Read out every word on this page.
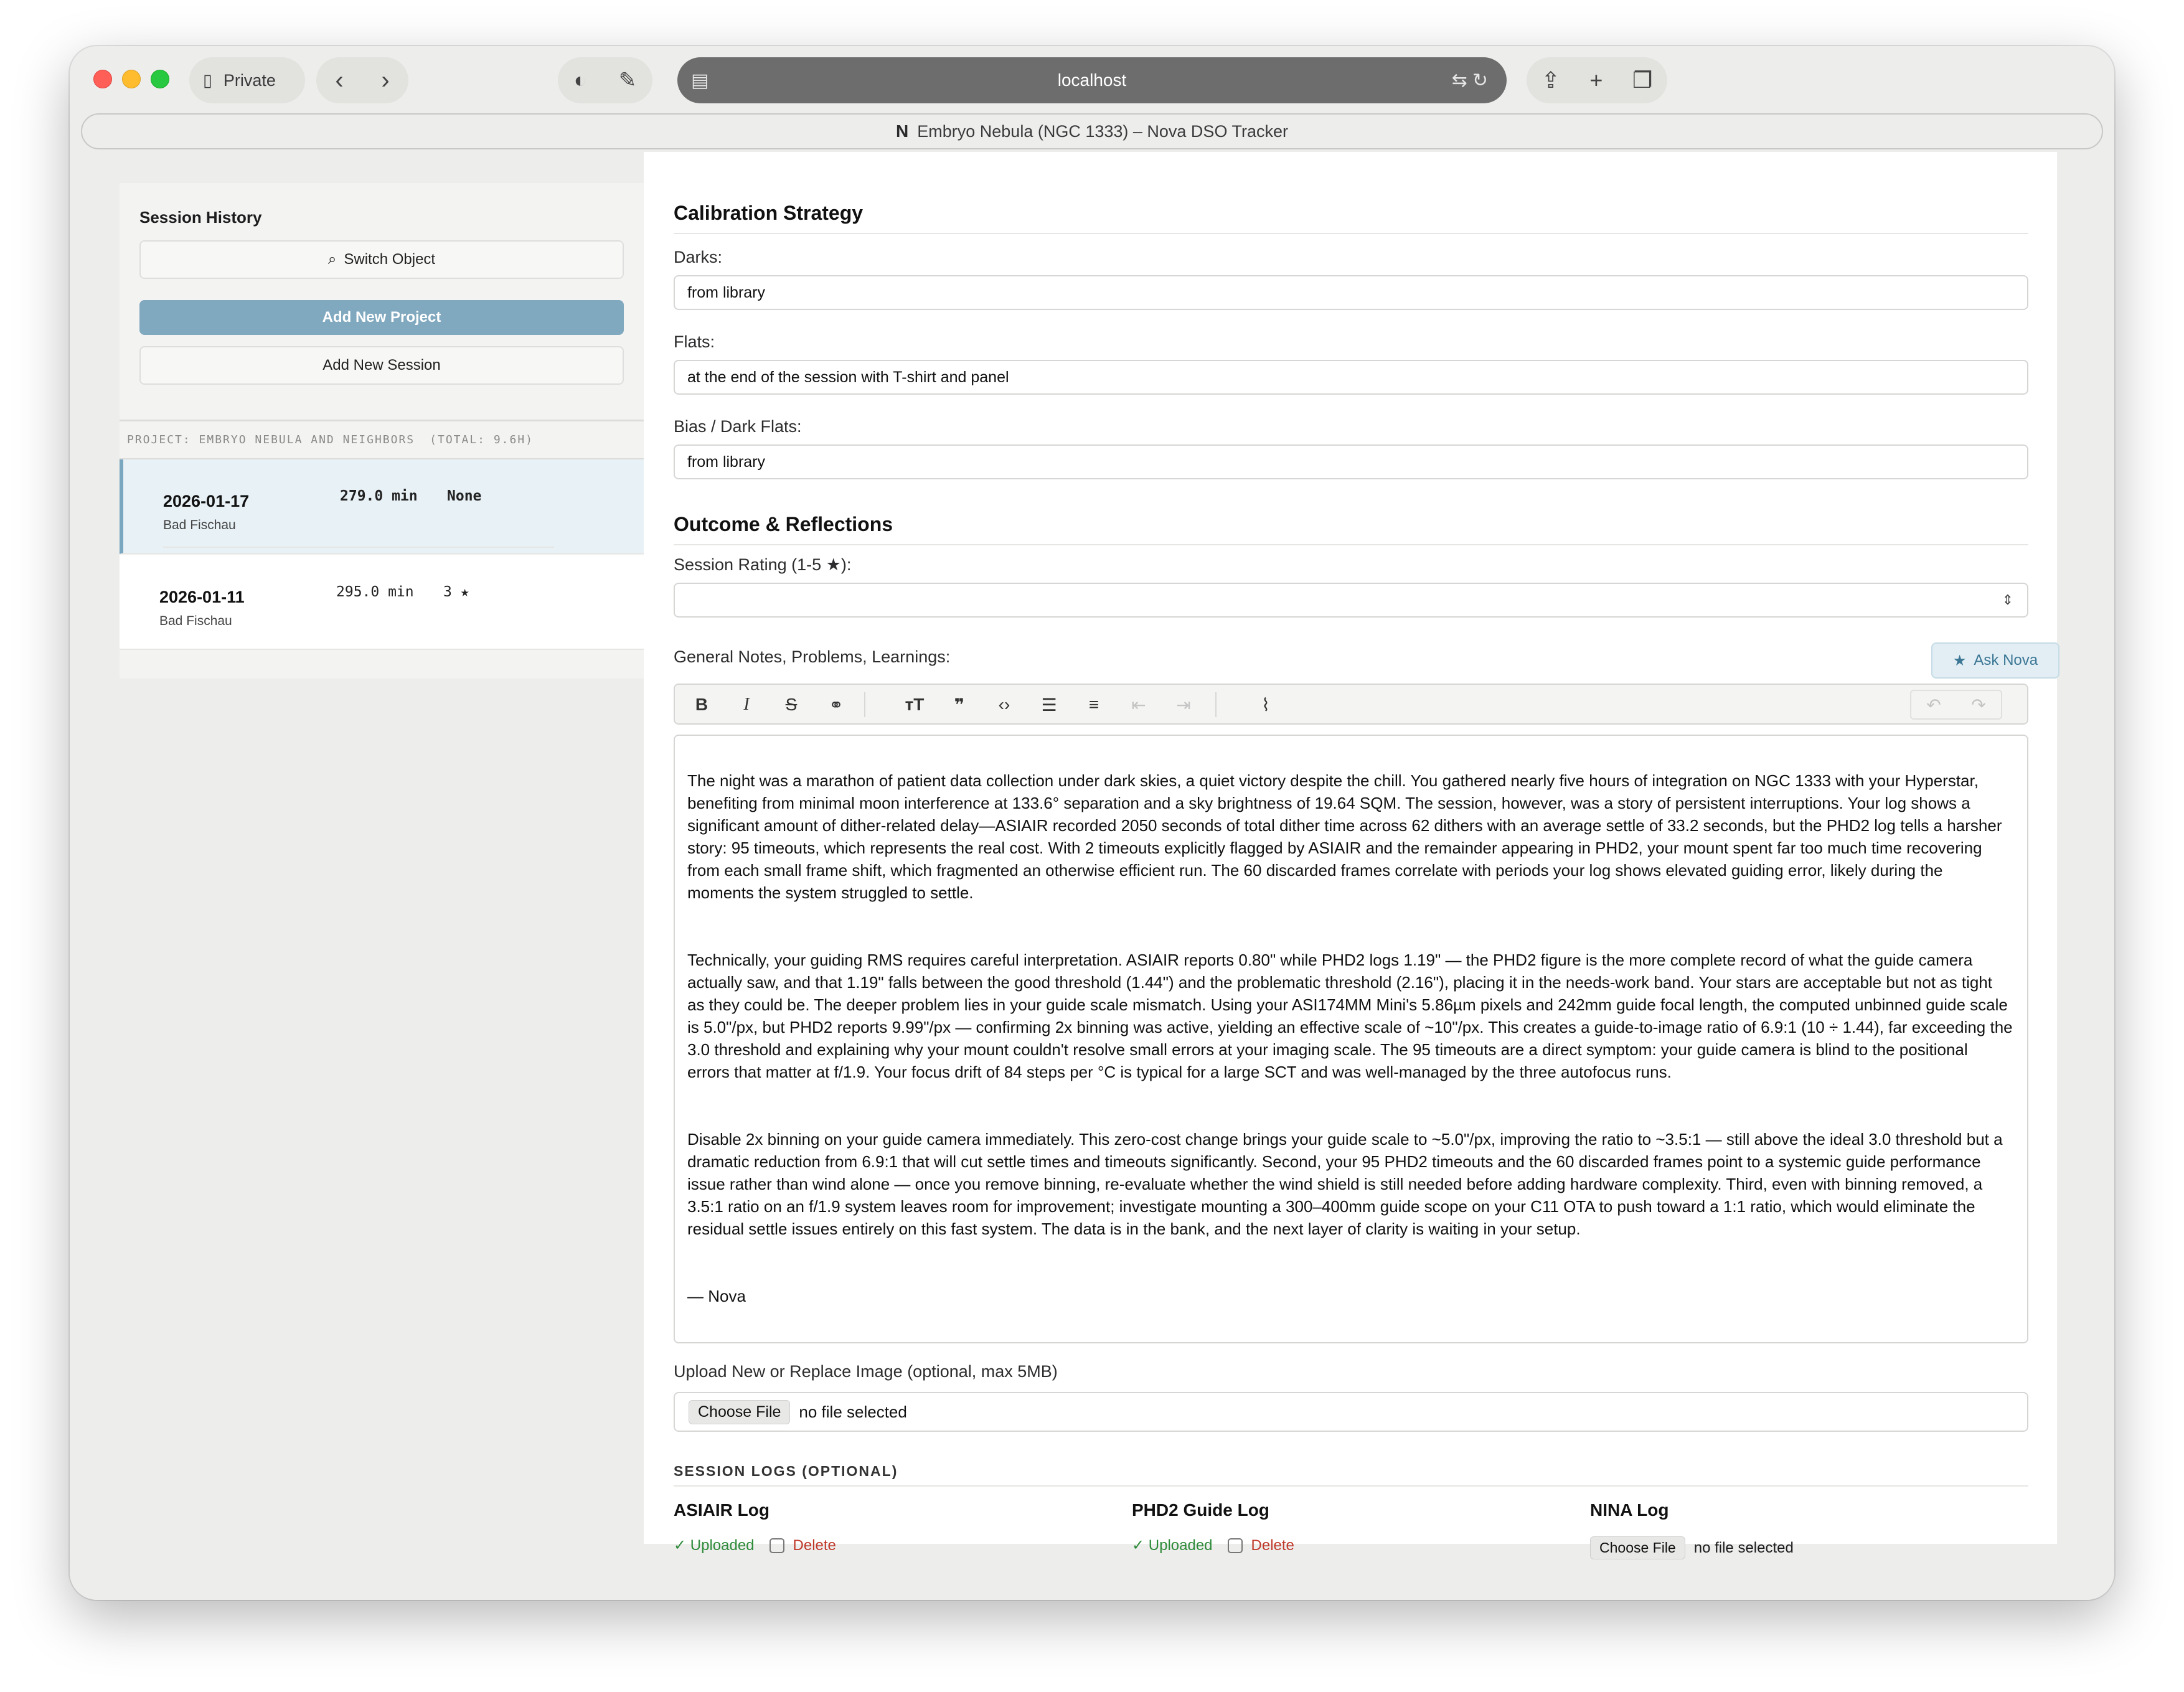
▯ Private ‹ ›	◐ ✎	▤	localhost	⇆↻ ⇪ + ❐
N Embryo Nebula (NGC 1333) – Nova DSO Tracker
Session History
⌕ Switch Object
Add New Project
Add New Session
PROJECT: EMBRYO NEBULA AND NEIGHBORS (TOTAL: 9.6H)
2026-01-17
Bad Fischau
279.0 min None
2026-01-11
Bad Fischau
295.0 min 3 ★
Calibration Strategy
Darks:
from library
Flats:
at the end of the session with T-shirt and panel
Bias / Dark Flats:
from library
Outcome & Reflections
Session Rating (1-5 ★):
⇕
General Notes, Problems, Learnings:	★ Ask Nova
B	I	S	⚭	тT	❞	‹›	☰	≡	⇤	⇥	⌇	↶	↷

The night was a marathon of patient data collection under dark skies, a quiet victory despite the chill. You gathered nearly five hours of integration on NGC 1333 with your Hyperstar, benefiting from minimal moon interference at 133.6° separation and a sky brightness of 19.64 SQM. The session, however, was a story of persistent interruptions. Your log shows a significant amount of dither-related delay—ASIAIR recorded 2050 seconds of total dither time across 62 dithers with an average settle of 33.2 seconds, but the PHD2 log tells a harsher story: 95 timeouts, which represents the real cost. With 2 timeouts explicitly flagged by ASIAIR and the remainder appearing in PHD2, your mount spent far too much time recovering from each small frame shift, which fragmented an otherwise efficient run. The 60 discarded frames correlate with periods your log shows elevated guiding error, likely during the moments the system struggled to settle.

Technically, your guiding RMS requires careful interpretation. ASIAIR reports 0.80" while PHD2 logs 1.19" — the PHD2 figure is the more complete record of what the guide camera actually saw, and that 1.19" falls between the good threshold (1.44") and the problematic threshold (2.16"), placing it in the needs-work band. Your stars are acceptable but not as tight as they could be. The deeper problem lies in your guide scale mismatch. Using your ASI174MM Mini's 5.86µm pixels and 242mm guide focal length, the computed unbinned guide scale is 5.0"/px, but PHD2 reports 9.99"/px — confirming 2x binning was active, yielding an effective scale of ~10"/px. This creates a guide-to-image ratio of 6.9:1 (10 ÷ 1.44), far exceeding the 3.0 threshold and explaining why your mount couldn't resolve small errors at your imaging scale. The 95 timeouts are a direct symptom: your guide camera is blind to the positional errors that matter at f/1.9. Your focus drift of 84 steps per °C is typical for a large SCT and was well-managed by the three autofocus runs.

Disable 2x binning on your guide camera immediately. This zero-cost change brings your guide scale to ~5.0"/px, improving the ratio to ~3.5:1 — still above the ideal 3.0 threshold but a dramatic reduction from 6.9:1 that will cut settle times and timeouts significantly. Second, your 95 PHD2 timeouts and the 60 discarded frames point to a systemic guide performance issue rather than wind alone — once you remove binning, re-evaluate whether the wind shield is still needed before adding hardware complexity. Third, even with binning removed, a 3.5:1 ratio on an f/1.9 system leaves room for improvement; investigate mounting a 300–400mm guide scope on your C11 OTA to push toward a 1:1 ratio, which would eliminate the residual settle issues entirely on this fast system. The data is in the bank, and the next layer of clarity is waiting in your setup.

— Nova

Upload New or Replace Image (optional, max 5MB)
Choose File	no file selected
SESSION LOGS (OPTIONAL)
ASIAIR Log
✓ Uploaded	Delete
PHD2 Guide Log
✓ Uploaded	Delete
NINA Log
Choose File	no file selected
